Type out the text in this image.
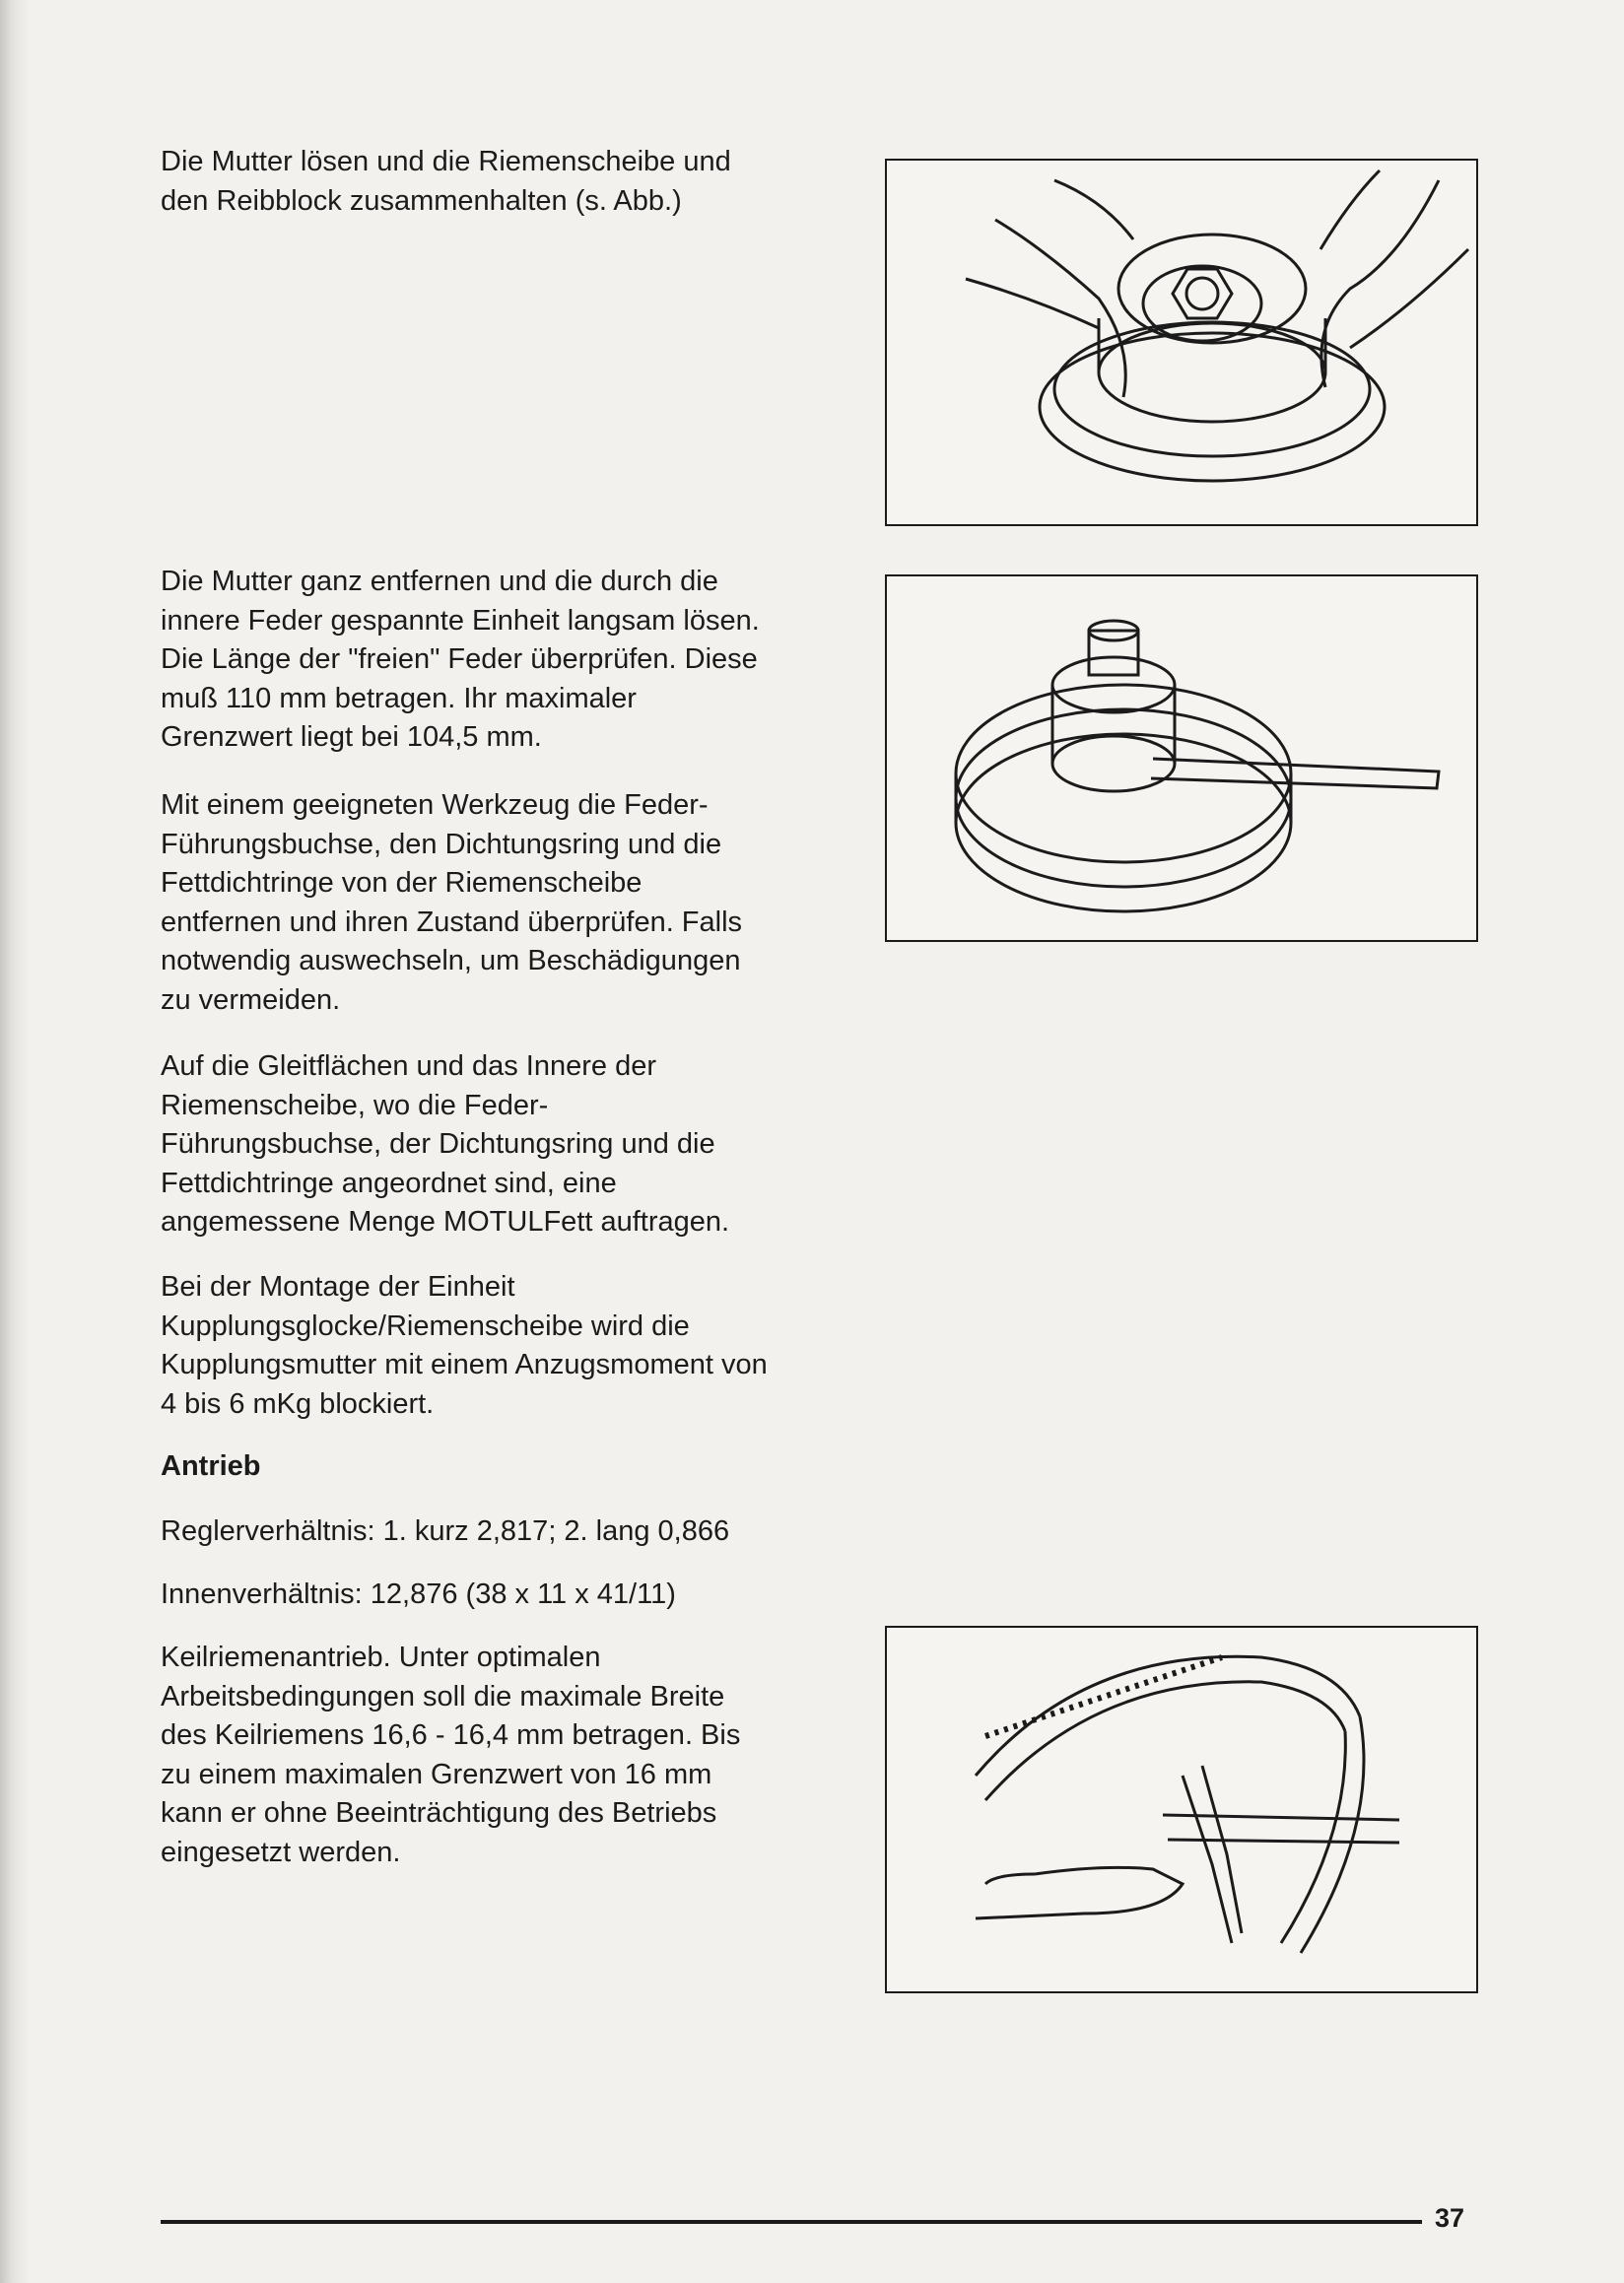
Die Mutter lösen und die Riemenscheibe und
den Reibblock zusammenhalten (s. Abb.)

Die Mutter ganz entfernen und die durch die
innere Feder gespannte Einheit langsam lösen.
Die Länge der "freien" Feder überprüfen. Diese
muß 110 mm betragen. Ihr maximaler
Grenzwert liegt bei 104,5 mm.

Mit einem geeigneten Werkzeug die Feder-
Führungsbuchse, den Dichtungsring und die
Fettdichtringe von der Riemenscheibe
entfernen und ihren Zustand überprüfen. Falls
notwendig auswechseln, um Beschädigungen
zu vermeiden.

Auf die Gleitflächen und das Innere der
Riemenscheibe, wo die Feder-
Führungsbuchse, der Dichtungsring und die
Fettdichtringe angeordnet sind, eine
angemessene Menge MOTULFett auftragen.

Bei der Montage der Einheit
Kupplungsglocke/Riemenscheibe wird die
Kupplungsmutter mit einem Anzugsmoment von
4 bis 6 mKg blockiert.

Antrieb

Reglerverhältnis: 1. kurz 2,817; 2. lang 0,866

Innenverhältnis: 12,876 (38 x 11 x 41/11)

Keilriemenantrieb. Unter optimalen
Arbeitsbedingungen soll die maximale Breite
des Keilriemens 16,6 - 16,4 mm betragen. Bis
zu einem maximalen Grenzwert von 16 mm
kann er ohne Beeinträchtigung des Betriebs
eingesetzt werden.

37
